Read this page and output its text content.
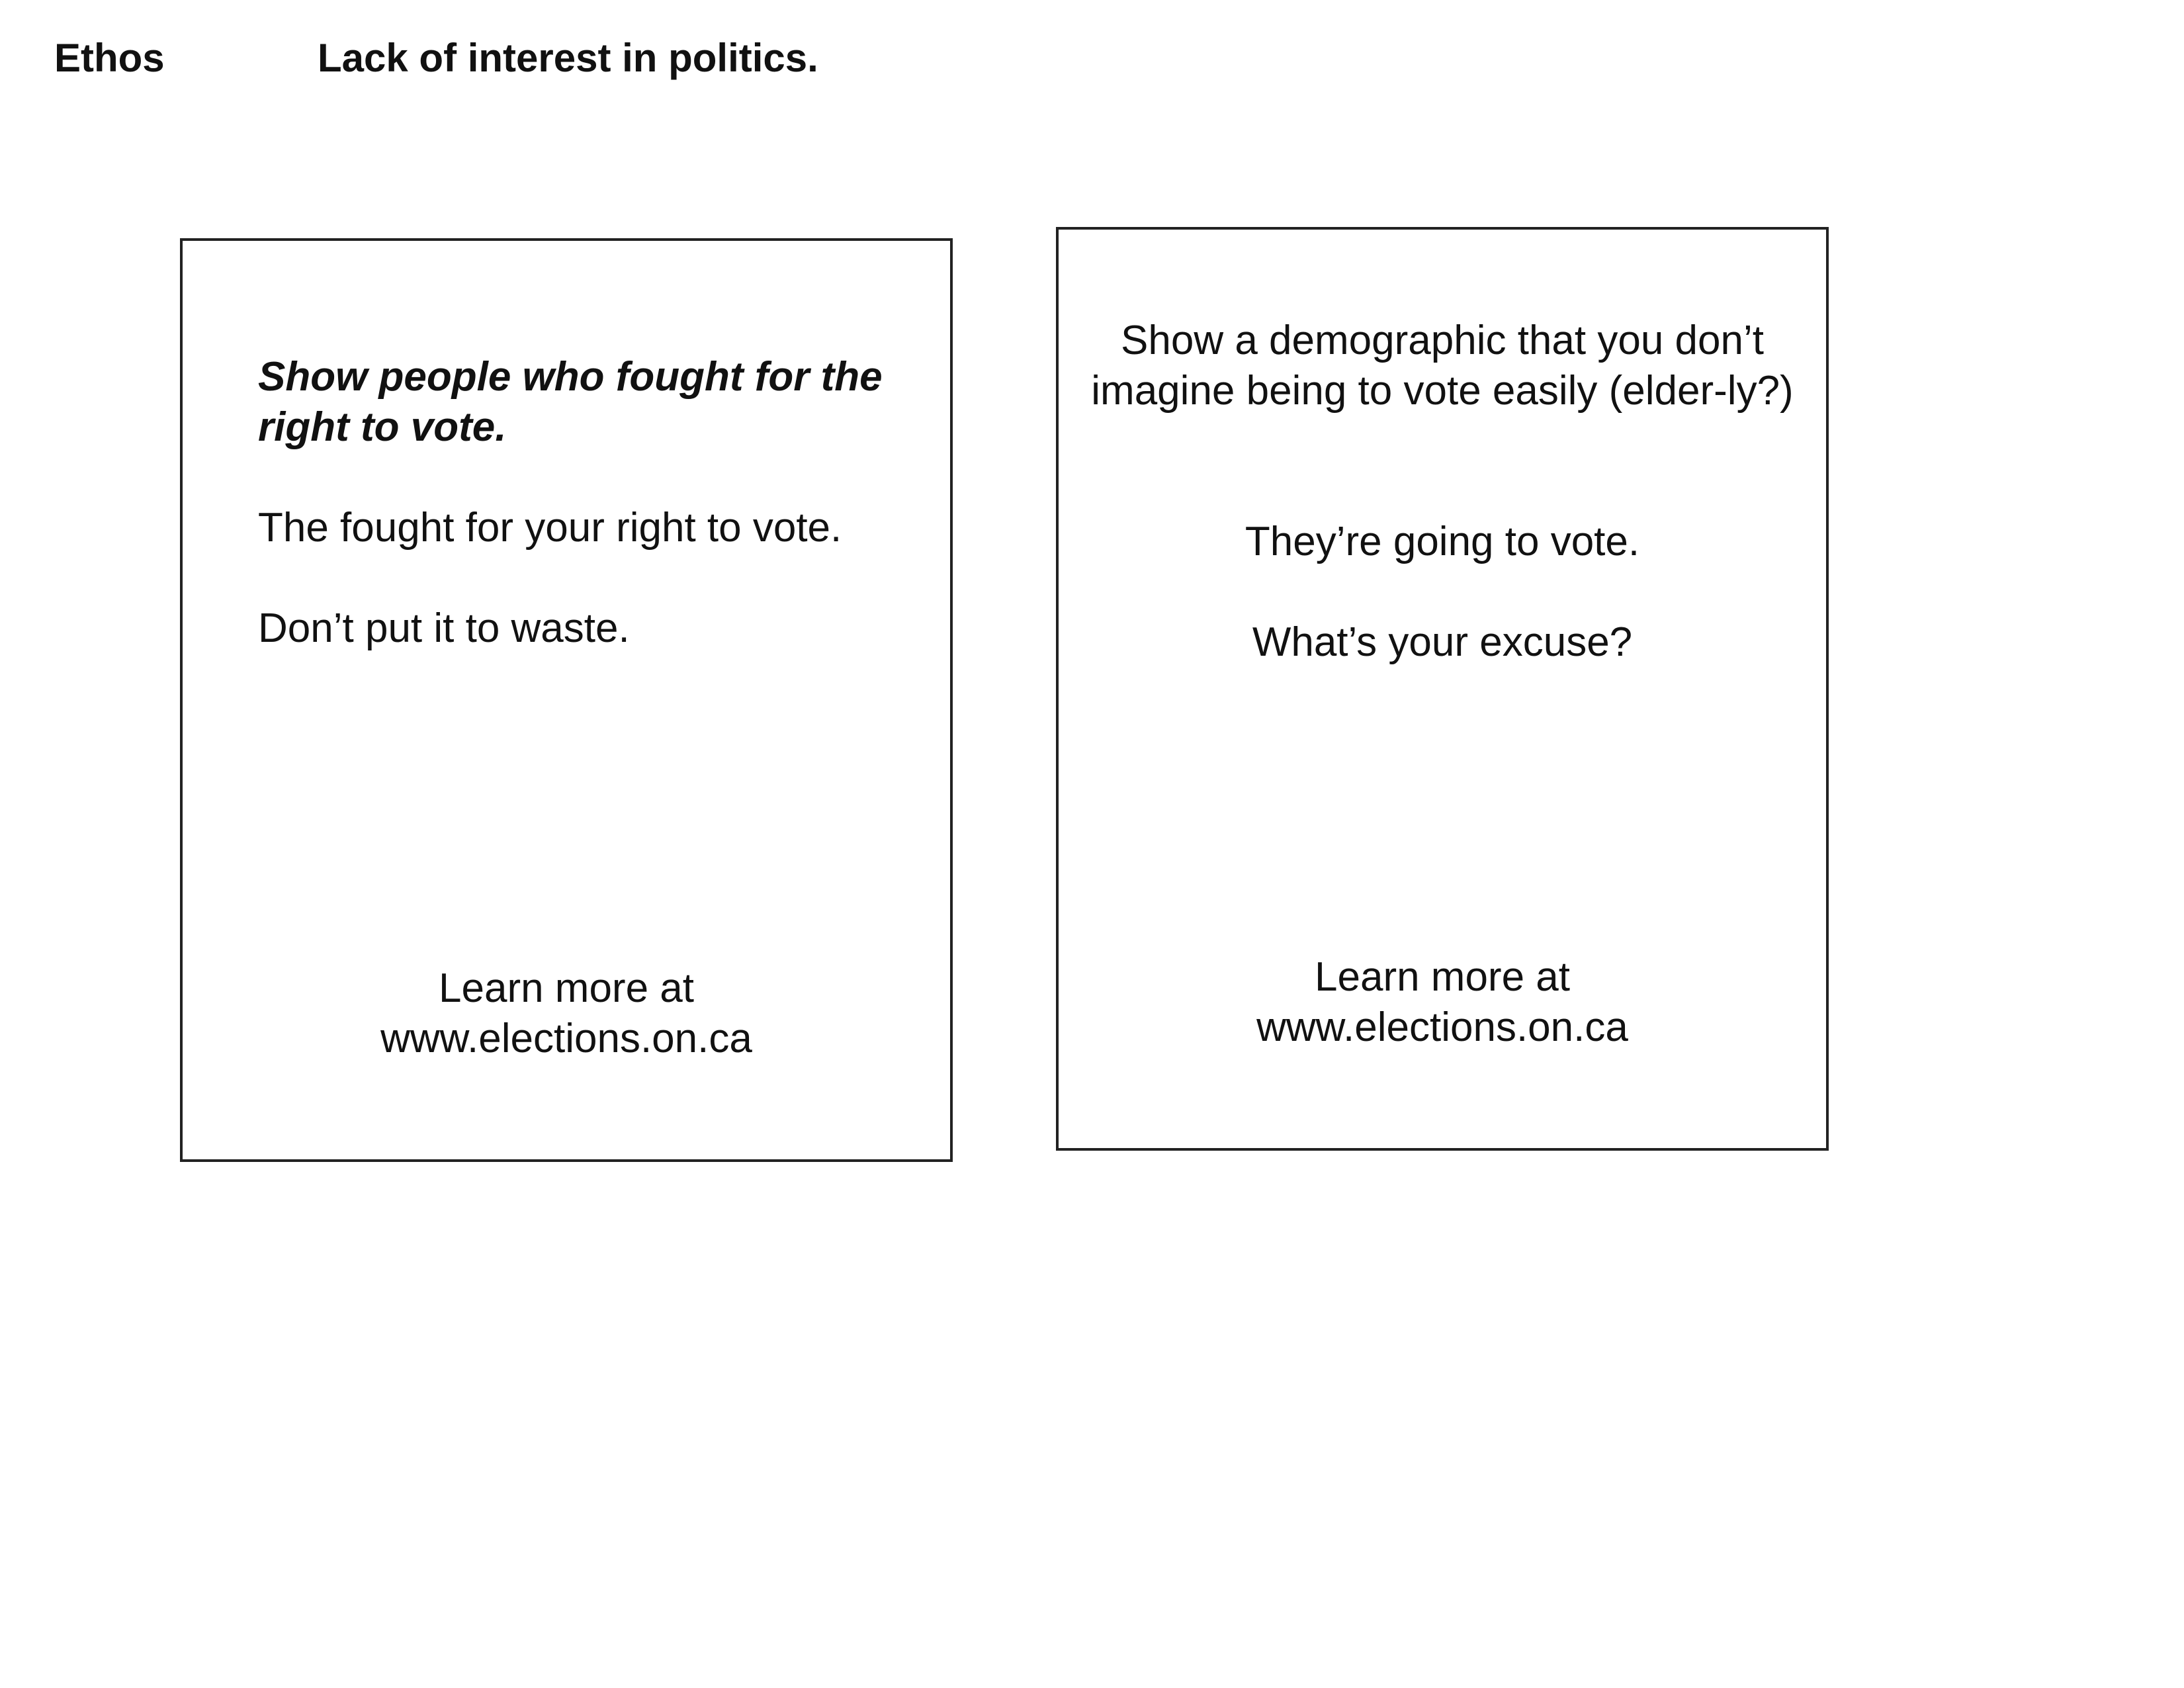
Ethos	Lack of interest in politics.
Show people who fought for the right to vote.
The fought for your right to vote.
Don’t put it to waste.
Learn more at
www.elections.on.ca
Show a demographic that you don’t imagine being to vote easily (elder-ly?)
They’re going to vote.
What’s your excuse?
Learn more at
www.elections.on.ca
